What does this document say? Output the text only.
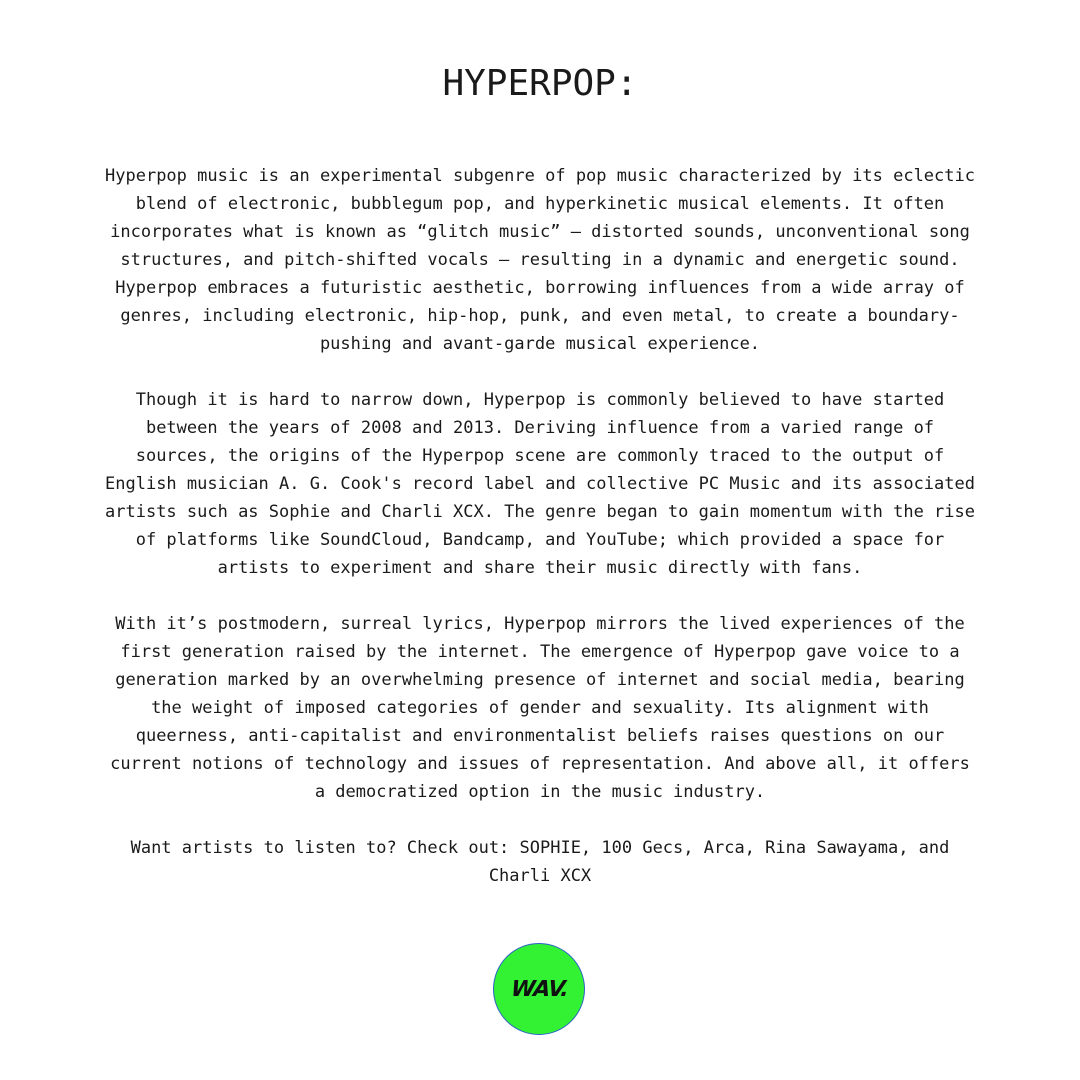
HYPERPOP:

Hyperpop music is an experimental subgenre of pop music characterized by its eclectic
blend of electronic, bubblegum pop, and hyperkinetic musical elements. It often
incorporates what is known as “glitch music” – distorted sounds, unconventional song
structures, and pitch-shifted vocals – resulting in a dynamic and energetic sound.
Hyperpop embraces a futuristic aesthetic, borrowing influences from a wide array of
genres, including electronic, hip-hop, punk, and even metal, to create a boundary-
pushing and avant-garde musical experience.

Though it is hard to narrow down, Hyperpop is commonly believed to have started
between the years of 2008 and 2013. Deriving influence from a varied range of
sources, the origins of the Hyperpop scene are commonly traced to the output of
English musician A. G. Cook's record label and collective PC Music and its associated
artists such as Sophie and Charli XCX. The genre began to gain momentum with the rise
of platforms like SoundCloud, Bandcamp, and YouTube; which provided a space for
artists to experiment and share their music directly with fans.

With it’s postmodern, surreal lyrics, Hyperpop mirrors the lived experiences of the
first generation raised by the internet. The emergence of Hyperpop gave voice to a
generation marked by an overwhelming presence of internet and social media, bearing
the weight of imposed categories of gender and sexuality. Its alignment with
queerness, anti-capitalist and environmentalist beliefs raises questions on our
current notions of technology and issues of representation. And above all, it offers
a democratized option in the music industry.

Want artists to listen to? Check out: SOPHIE, 100 Gecs, Arca, Rina Sawayama, and
Charli XCX

WAV.
